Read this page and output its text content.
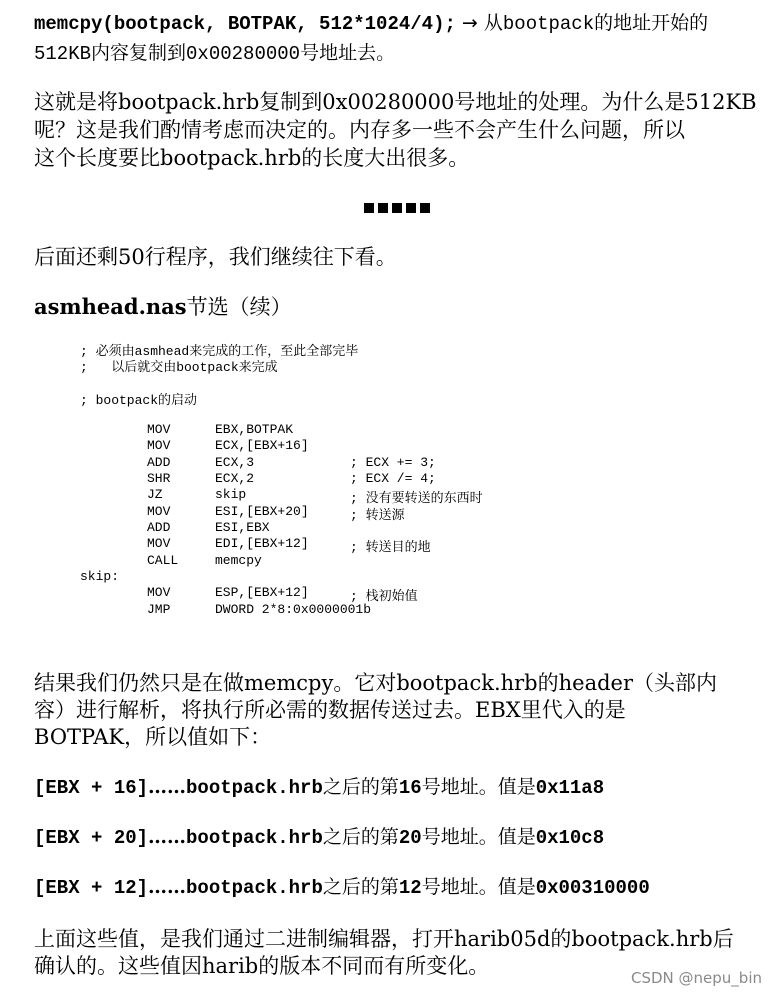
memcpy(bootpack, BOTPAK, 512*1024/4); → 从bootpack的地址开始的
512KB内容复制到0x00280000号地址去。
这就是将bootpack.hrb复制到0x00280000号地址的处理。为什么是512KB
呢？这是我们酌情考虑而决定的。内存多一些不会产生什么问题，所以
这个长度要比bootpack.hrb的长度大出很多。
后面还剩50行程序，我们继续往下看。
asmhead.nas节选（续）
; 必须由asmhead来完成的工作，至此全部完毕
;   以后就交由bootpack来完成
; bootpack的启动
MOV	EBX,BOTPAK
MOV	ECX,[EBX+16]
ADD	ECX,3	; ECX += 3;
SHR	ECX,2	; ECX /= 4;
JZ	skip	; 没有要转送的东西时
MOV	ESI,[EBX+20]	; 转送源
ADD	ESI,EBX
MOV	EDI,[EBX+12]	; 转送目的地
CALL	memcpy
skip:
MOV	ESP,[EBX+12]	; 栈初始值
JMP	DWORD 2*8:0x0000001b
结果我们仍然只是在做memcpy。它对bootpack.hrb的header（头部内
容）进行解析，将执行所必需的数据传送过去。EBX里代入的是
BOTPAK，所以值如下：
[EBX + 16]……bootpack.hrb之后的第16号地址。值是0x11a8
[EBX + 20]……bootpack.hrb之后的第20号地址。值是0x10c8
[EBX + 12]……bootpack.hrb之后的第12号地址。值是0x00310000
上面这些值，是我们通过二进制编辑器，打开harib05d的bootpack.hrb后
确认的。这些值因harib的版本不同而有所变化。	CSDN @nepu_bin
